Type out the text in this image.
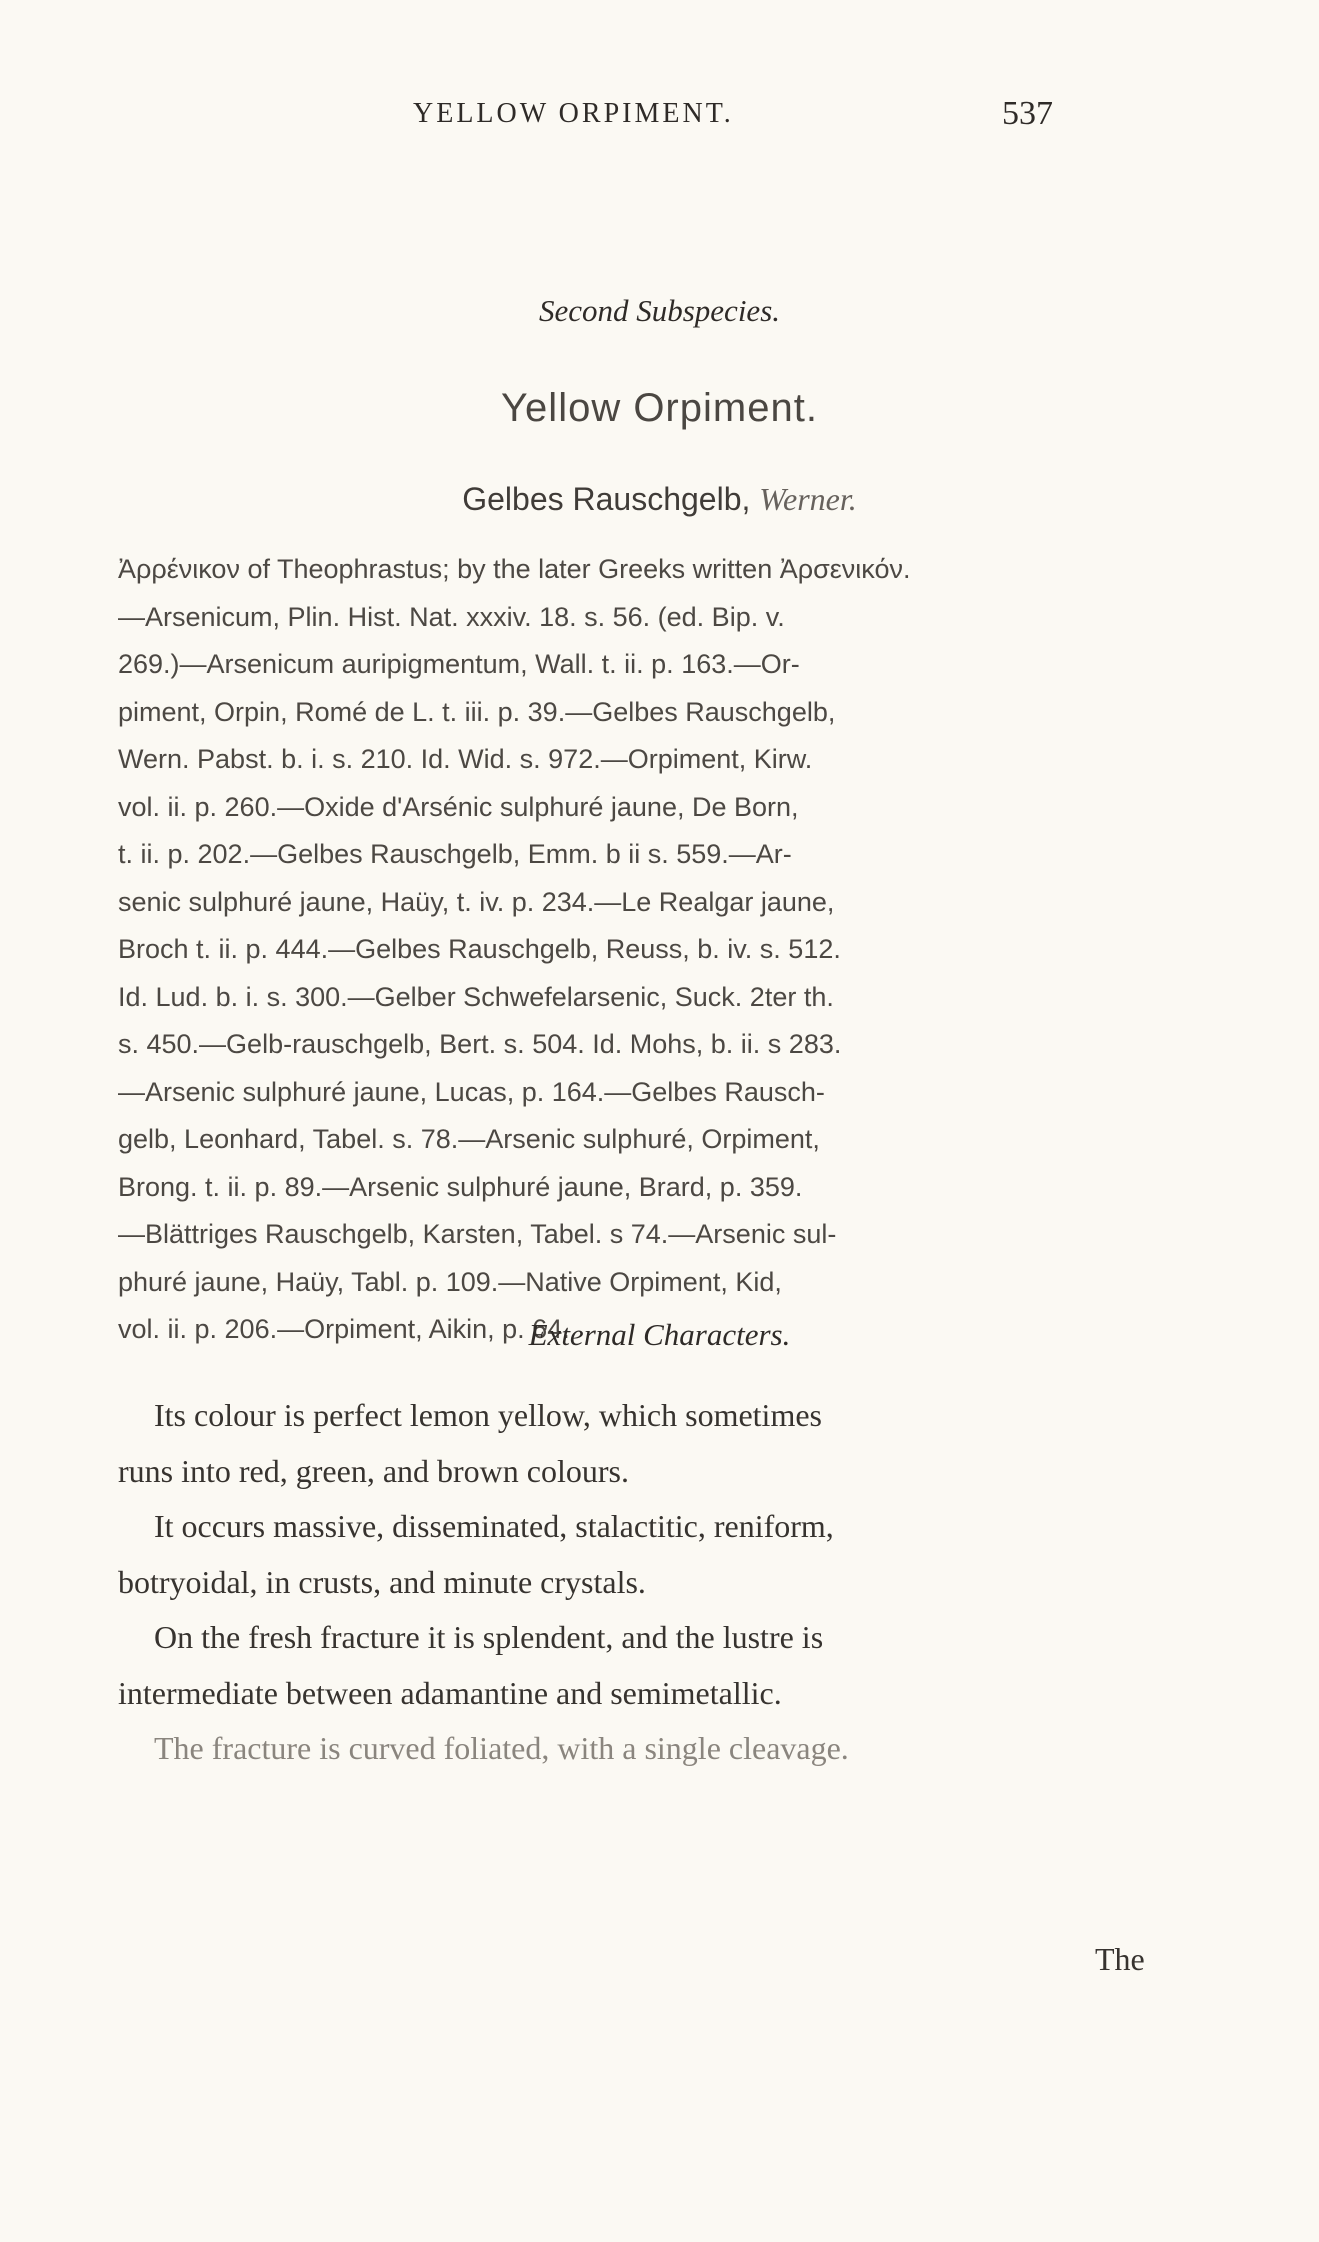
YELLOW ORPIMENT.	537
Second Subspecies.
Yellow Orpiment.
Gelbes Rauschgelb, Werner.
Ἀρρένικον of Theophrastus; by the later Greeks written Ἀρσενικόν.
—Arsenicum, Plin. Hist. Nat. xxxiv. 18. s. 56. (ed. Bip. v.
269.)—Arsenicum auripigmentum, Wall. t. ii. p. 163.—Or-
piment, Orpin, Romé de L. t. iii. p. 39.—Gelbes Rauschgelb,
Wern. Pabst. b. i. s. 210. Id. Wid. s. 972.—Orpiment, Kirw.
vol. ii. p. 260.—Oxide d'Arsénic sulphuré jaune, De Born,
t. ii. p. 202.—Gelbes Rauschgelb, Emm. b ii s. 559.—Ar-
senic sulphuré jaune, Haüy, t. iv. p. 234.—Le Realgar jaune,
Broch t. ii. p. 444.—Gelbes Rauschgelb, Reuss, b. iv. s. 512.
Id. Lud. b. i. s. 300.—Gelber Schwefelarsenic, Suck. 2ter th.
s. 450.—Gelb-rauschgelb, Bert. s. 504. Id. Mohs, b. ii. s 283.
—Arsenic sulphuré jaune, Lucas, p. 164.—Gelbes Rausch-
gelb, Leonhard, Tabel. s. 78.—Arsenic sulphuré, Orpiment,
Brong. t. ii. p. 89.—Arsenic sulphuré jaune, Brard, p. 359.
—Blättriges Rauschgelb, Karsten, Tabel. s 74.—Arsenic sul-
phuré jaune, Haüy, Tabl. p. 109.—Native Orpiment, Kid,
vol. ii. p. 206.—Orpiment, Aikin, p. 64.
External Characters.
Its colour is perfect lemon yellow, which sometimes
runs into red, green, and brown colours.
It occurs massive, disseminated, stalactitic, reniform,
botryoidal, in crusts, and minute crystals.
On the fresh fracture it is splendent, and the lustre is
intermediate between adamantine and semimetallic.
The fracture is curved foliated, with a single cleavage.
The
